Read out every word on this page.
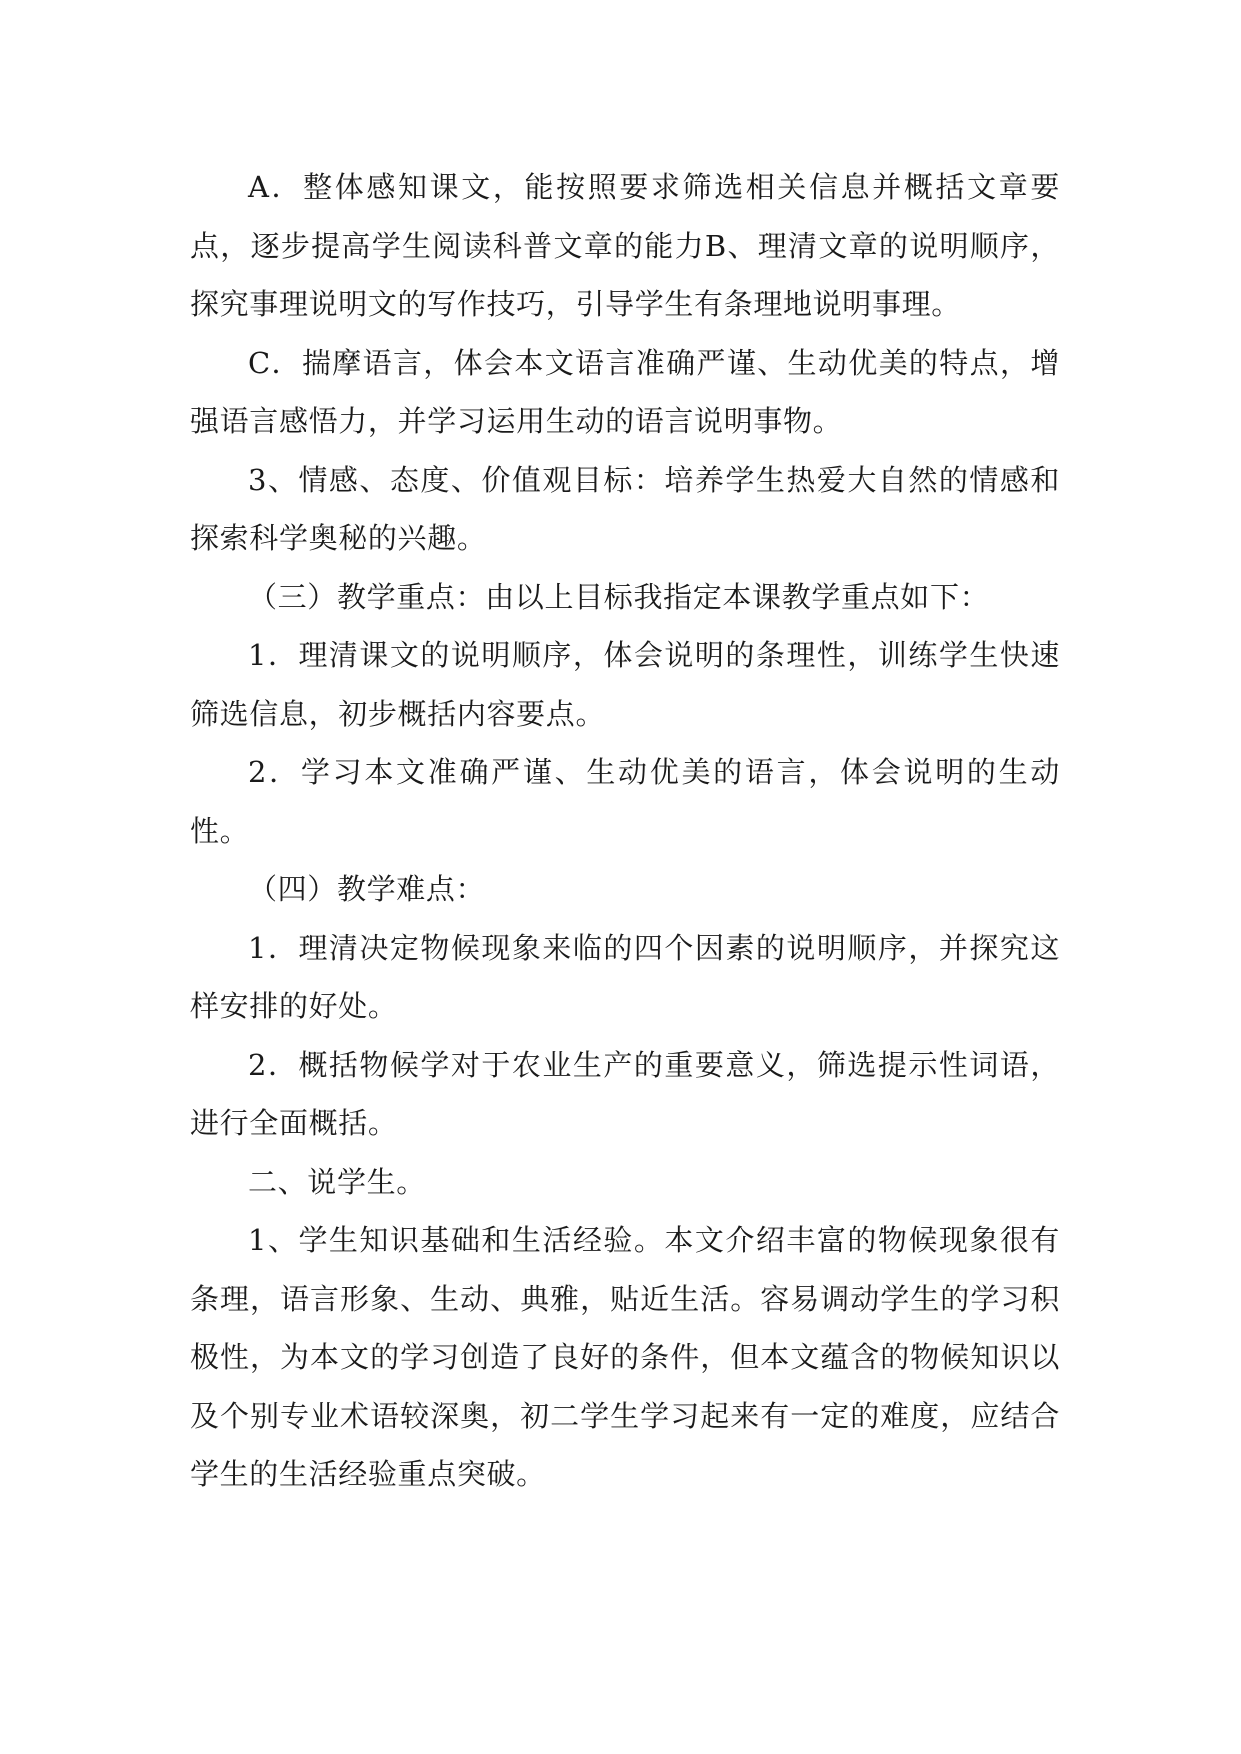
A．整体感知课文，能按照要求筛选相关信息并概括文章要点，逐步提高学生阅读科普文章的能力B、理清文章的说明顺序，探究事理说明文的写作技巧，引导学生有条理地说明事理。

C．揣摩语言，体会本文语言准确严谨、生动优美的特点，增强语言感悟力，并学习运用生动的语言说明事物。

3、情感、态度、价值观目标：培养学生热爱大自然的情感和探索科学奥秘的兴趣。

（三）教学重点：由以上目标我指定本课教学重点如下：

1．理清课文的说明顺序，体会说明的条理性，训练学生快速筛选信息，初步概括内容要点。

2．学习本文准确严谨、生动优美的语言，体会说明的生动性。

（四）教学难点：

1．理清决定物候现象来临的四个因素的说明顺序，并探究这样安排的好处。

2．概括物候学对于农业生产的重要意义，筛选提示性词语，进行全面概括。

二、说学生。

1、学生知识基础和生活经验。本文介绍丰富的物候现象很有条理，语言形象、生动、典雅，贴近生活。容易调动学生的学习积极性，为本文的学习创造了良好的条件，但本文蕴含的物候知识以及个别专业术语较深奥，初二学生学习起来有一定的难度，应结合学生的生活经验重点突破。
